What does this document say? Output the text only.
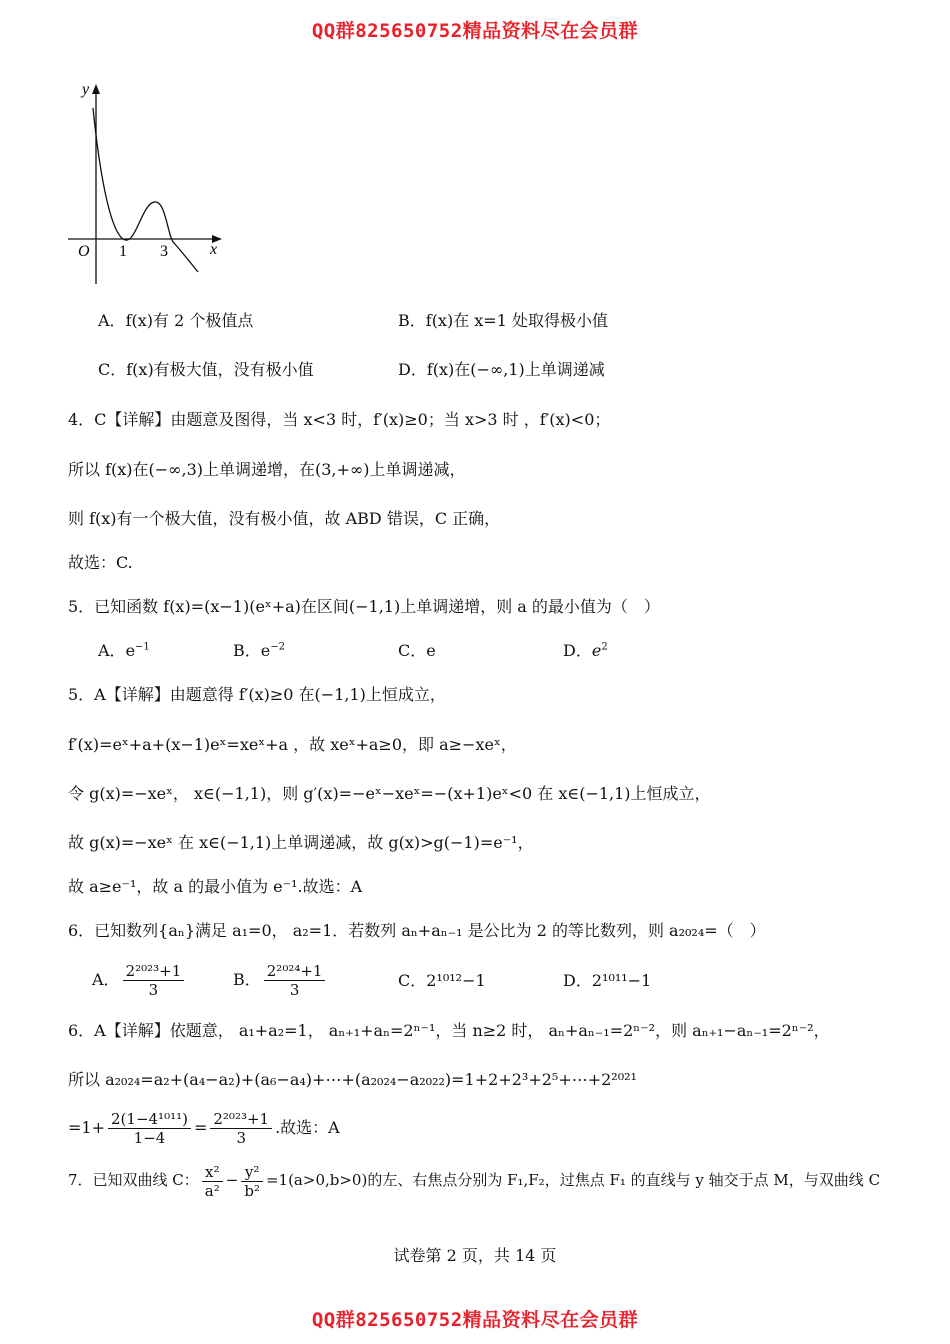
QQ群825650752精品资料尽在会员群
y
x
O 1 3
A．f(x)有 2 个极值点	B．f(x)在 x=1 处取得极小值
C．f(x)有极大值，没有极小值	D．f(x)在(−∞,1)上单调递减
4．C【详解】由题意及图得，当 x<3 时，f′(x)≥0；当 x>3 时 ，f′(x)<0；
所以 f(x)在(−∞,3)上单调递增，在(3,+∞)上单调递减，
则 f(x)有一个极大值，没有极小值，故 ABD 错误，C 正确，
故选：C.
5．已知函数 f(x)=(x−1)(eˣ+a)在区间(−1,1)上单调递增，则 a 的最小值为（　）
A．$e^{-1}$	B．$e^{-2}$	C．e	D．$e^2$
5．A【详解】由题意得 f′(x)≥0 在(−1,1)上恒成立，
f′(x)=eˣ+a+(x−1)eˣ=xeˣ+a ，故 xeˣ+a≥0，即 a≥−xeˣ，
令 g(x)=−xeˣ， x∈(−1,1)，则 g′(x)=−eˣ−xeˣ=−(x+1)eˣ<0 在 x∈(−1,1)上恒成立，
故 g(x)=−xeˣ 在 x∈(−1,1)上单调递减，故 g(x)>g(−1)=e⁻¹，
故 a≥e⁻¹，故 a 的最小值为 e⁻¹.故选：A
6．已知数列{aₙ}满足 a₁=0， a₂=1．若数列 aₙ+aₙ₋₁ 是公比为 2 的等比数列，则 a₂₀₂₄=（　）
A． $\frac{\text{2²⁰²³+1}}{3}$	B． $\frac{\text{2²⁰²⁴+1}}{3}$	C．2¹⁰¹²−1	D．2¹⁰¹¹−1
6．A【详解】依题意， a₁+a₂=1， aₙ₊₁+aₙ=2ⁿ⁻¹，当 n≥2 时， aₙ+aₙ₋₁=2ⁿ⁻²，则 aₙ₊₁−aₙ₋₁=2ⁿ⁻²，
所以 a₂₀₂₄=a₂+(a₄−a₂)+(a₆−a₄)+⋯+(a₂₀₂₄−a₂₀₂₂)=1+2+2³+2⁵+⋯+2²⁰²¹
$=1+ \frac{\text{2(1−4¹⁰¹¹)}}{1-4} = \frac{\text{2²⁰²³+1}}{3}$ .故选：A
7．已知双曲线 C： $\frac{\text{x²}}{\text{a²}} - \frac{\text{y²}}{\text{b²}} =1(a>0,b>0)$的左、右焦点分别为 F₁,F₂，过焦点 F₁ 的直线与 y 轴交于点 M，与双曲线 C
试卷第 2 页，共 14 页
QQ群825650752精品资料尽在会员群
